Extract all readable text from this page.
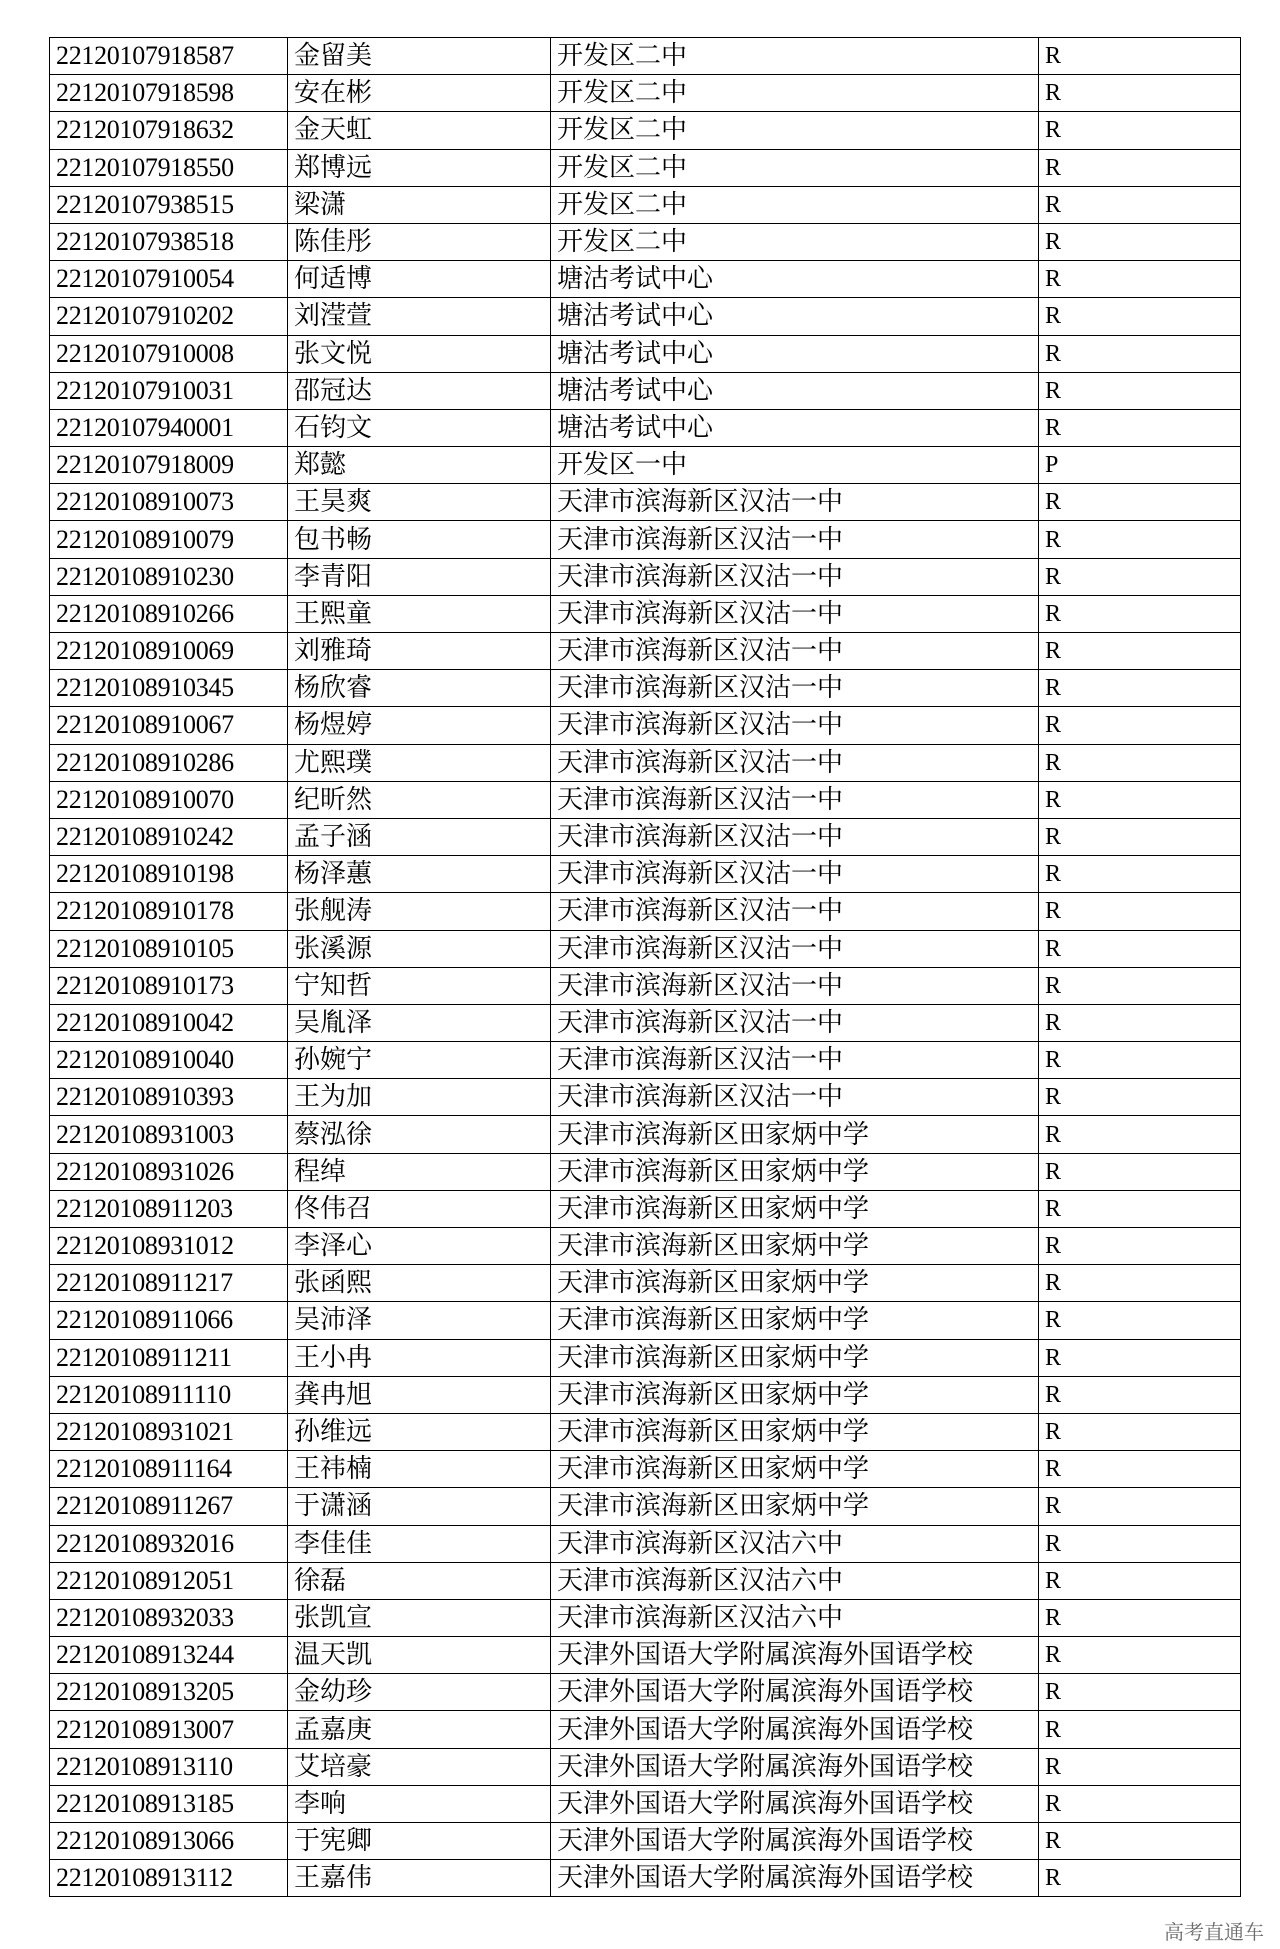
22120107918587	金留美	开发区二中	R
22120107918598	安在彬	开发区二中	R
22120107918632	金天虹	开发区二中	R
22120107918550	郑博远	开发区二中	R
22120107938515	梁潇	开发区二中	R
22120107938518	陈佳彤	开发区二中	R
22120107910054	何适博	塘沽考试中心	R
22120107910202	刘滢萱	塘沽考试中心	R
22120107910008	张文悦	塘沽考试中心	R
22120107910031	邵冠达	塘沽考试中心	R
22120107940001	石钧文	塘沽考试中心	R
22120107918009	郑懿	开发区一中	P
22120108910073	王昊爽	天津市滨海新区汉沽一中	R
22120108910079	包书畅	天津市滨海新区汉沽一中	R
22120108910230	李青阳	天津市滨海新区汉沽一中	R
22120108910266	王熙童	天津市滨海新区汉沽一中	R
22120108910069	刘雅琦	天津市滨海新区汉沽一中	R
22120108910345	杨欣睿	天津市滨海新区汉沽一中	R
22120108910067	杨煜婷	天津市滨海新区汉沽一中	R
22120108910286	尤熙璞	天津市滨海新区汉沽一中	R
22120108910070	纪昕然	天津市滨海新区汉沽一中	R
22120108910242	孟子涵	天津市滨海新区汉沽一中	R
22120108910198	杨泽蕙	天津市滨海新区汉沽一中	R
22120108910178	张舰涛	天津市滨海新区汉沽一中	R
22120108910105	张溪源	天津市滨海新区汉沽一中	R
22120108910173	宁知哲	天津市滨海新区汉沽一中	R
22120108910042	吴胤泽	天津市滨海新区汉沽一中	R
22120108910040	孙婉宁	天津市滨海新区汉沽一中	R
22120108910393	王为加	天津市滨海新区汉沽一中	R
22120108931003	蔡泓徐	天津市滨海新区田家炳中学	R
22120108931026	程绰	天津市滨海新区田家炳中学	R
22120108911203	佟伟召	天津市滨海新区田家炳中学	R
22120108931012	李泽心	天津市滨海新区田家炳中学	R
22120108911217	张函熙	天津市滨海新区田家炳中学	R
22120108911066	吴沛泽	天津市滨海新区田家炳中学	R
22120108911211	王小冉	天津市滨海新区田家炳中学	R
22120108911110	龚冉旭	天津市滨海新区田家炳中学	R
22120108931021	孙维远	天津市滨海新区田家炳中学	R
22120108911164	王祎楠	天津市滨海新区田家炳中学	R
22120108911267	于潇涵	天津市滨海新区田家炳中学	R
22120108932016	李佳佳	天津市滨海新区汉沽六中	R
22120108912051	徐磊	天津市滨海新区汉沽六中	R
22120108932033	张凯宣	天津市滨海新区汉沽六中	R
22120108913244	温天凯	天津外国语大学附属滨海外国语学校	R
22120108913205	金幼珍	天津外国语大学附属滨海外国语学校	R
22120108913007	孟嘉庚	天津外国语大学附属滨海外国语学校	R
22120108913110	艾培豪	天津外国语大学附属滨海外国语学校	R
22120108913185	李响	天津外国语大学附属滨海外国语学校	R
22120108913066	于宪卿	天津外国语大学附属滨海外国语学校	R
22120108913112	王嘉伟	天津外国语大学附属滨海外国语学校	R
高考直通车
